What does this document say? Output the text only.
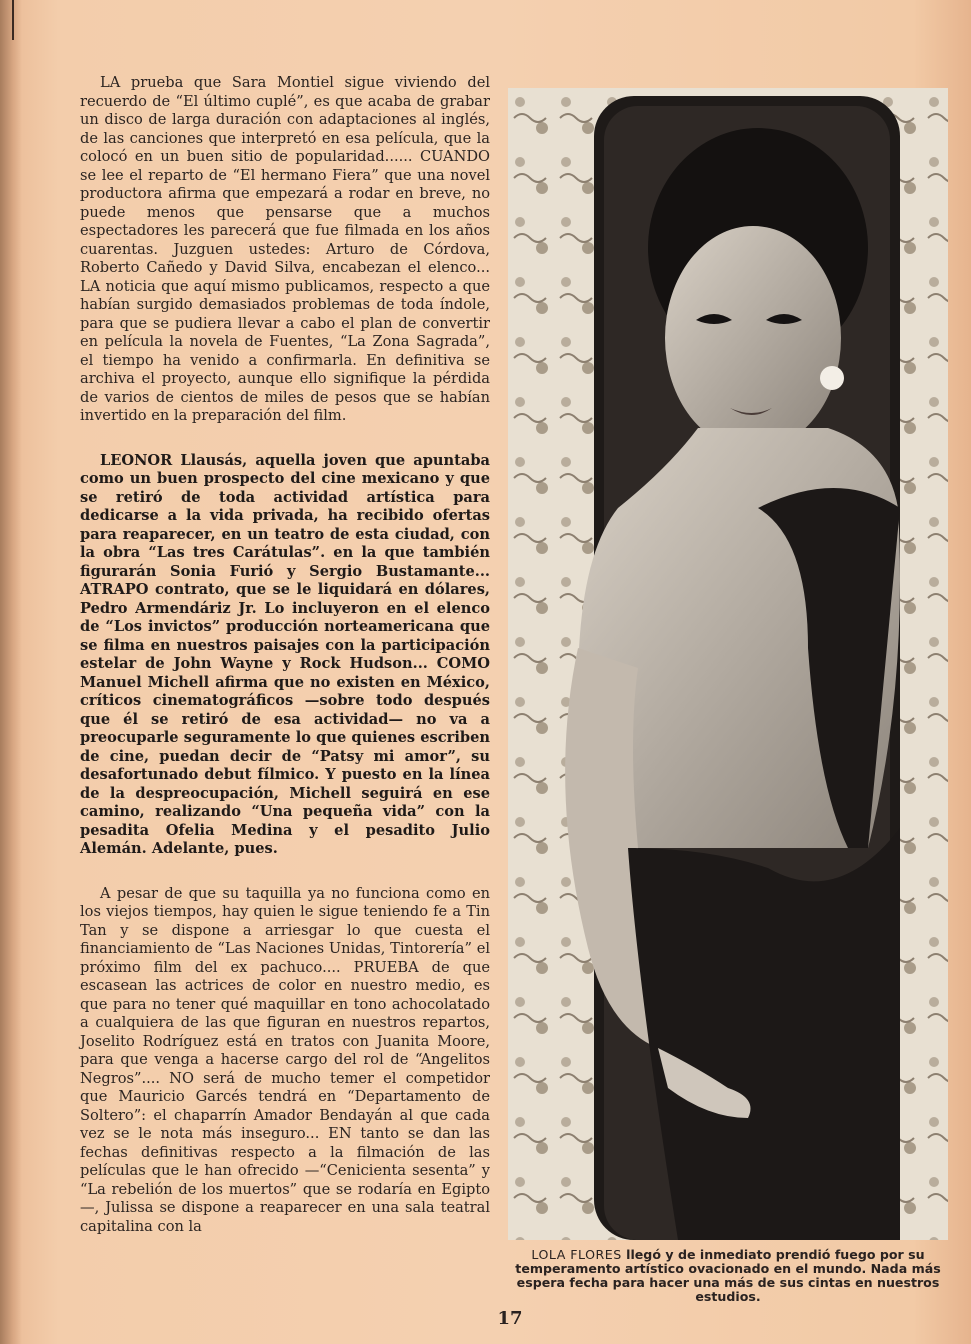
LA prueba que Sara Montiel sigue viviendo del recuerdo de “El último cuplé”, es que acaba de grabar un disco de larga duración con adaptaciones al inglés, de las canciones que interpretó en esa película, que la colocó en un buen sitio de popularidad...... CUANDO se lee el reparto de “El hermano Fiera” que una novel productora afirma que empezará a rodar en breve, no puede menos que pensarse que a muchos espectadores les parecerá que fue filmada en los años cuarentas. Juzguen ustedes: Arturo de Córdova, Roberto Cañedo y David Silva, encabezan el elenco... LA noticia que aquí mismo publicamos, respecto a que habían surgido demasiados problemas de toda índole, para que se pudiera llevar a cabo el plan de convertir en película la novela de Fuentes, “La Zona Sagrada”, el tiempo ha venido a confirmarla. En definitiva se archiva el proyecto, aunque ello signifique la pérdida de varios de cientos de miles de pesos que se habían invertido en la preparación del film.

LEONOR Llausás, aquella joven que apuntaba como un buen prospecto del cine mexicano y que se retiró de toda actividad artística para dedicarse a la vida privada, ha recibido ofertas para reaparecer, en un teatro de esta ciudad, con la obra “Las tres Carátulas”. en la que también figurarán Sonia Furió y Sergio Bustamante... ATRAPO contrato, que se le liquidará en dólares, Pedro Armendáriz Jr. Lo incluyeron en el elenco de “Los invictos” producción norteamericana que se filma en nuestros paisajes con la participación estelar de John Wayne y Rock Hudson... COMO Manuel Michell afirma que no existen en México, críticos cinematográficos —sobre todo después que él se retiró de esa actividad— no va a preocuparle seguramente lo que quienes escriben de cine, puedan decir de “Patsy mi amor”, su desafortunado debut fílmico. Y puesto en la línea de la despreocupación, Michell seguirá en ese camino, realizando “Una pequeña vida” con la pesadita Ofelia Medina y el pesadito Julio Alemán. Adelante, pues.

A pesar de que su taquilla ya no funciona como en los viejos tiempos, hay quien le sigue teniendo fe a Tin Tan y se dispone a arriesgar lo que cuesta el financiamiento de “Las Naciones Unidas, Tintorería” el próximo film del ex pachuco.... PRUEBA de que escasean las actrices de color en nuestro medio, es que para no tener qué maquillar en tono achocolatado a cualquiera de las que figuran en nuestros repartos, Joselito Rodríguez está en tratos con Juanita Moore, para que venga a hacerse cargo del rol de “Angelitos Negros”.... NO será de mucho temer el competidor que Mauricio Garcés tendrá en “Departamento de Soltero”: el chaparrín Amador Bendayán al que cada vez se le nota más inseguro... EN tanto se dan las fechas definitivas respecto a la filmación de las películas que le han ofrecido —“Cenicienta sesenta” y “La rebelión de los muertos” que se rodaría en Egipto—, Julissa se dispone a reaparecer en una sala teatral capitalina con la

LOLA FLORES llegó y de inmediato prendió fuego por su temperamento artístico ovacionado en el mundo. Nada más espera fecha para hacer una más de sus cintas en nuestros estudios.
17
